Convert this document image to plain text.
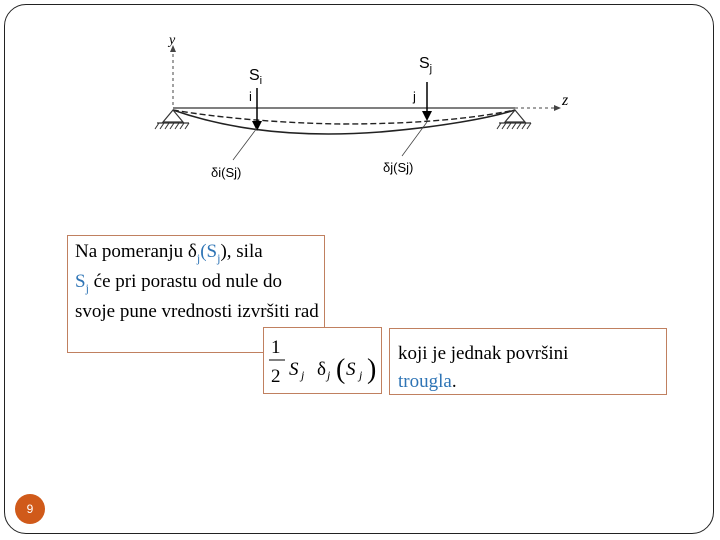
y
z
$S_i$
i
$S_j$
j
δi(Sj)	δj(Sj)
Na pomeranju $\delta_j(S_j)$, sila
$S_j$ će pri porastu od nule do svoje pune vrednosti izvršiti rad
1
2 S j δ j ( S j )
koji je jednak površini
trougla.
9
